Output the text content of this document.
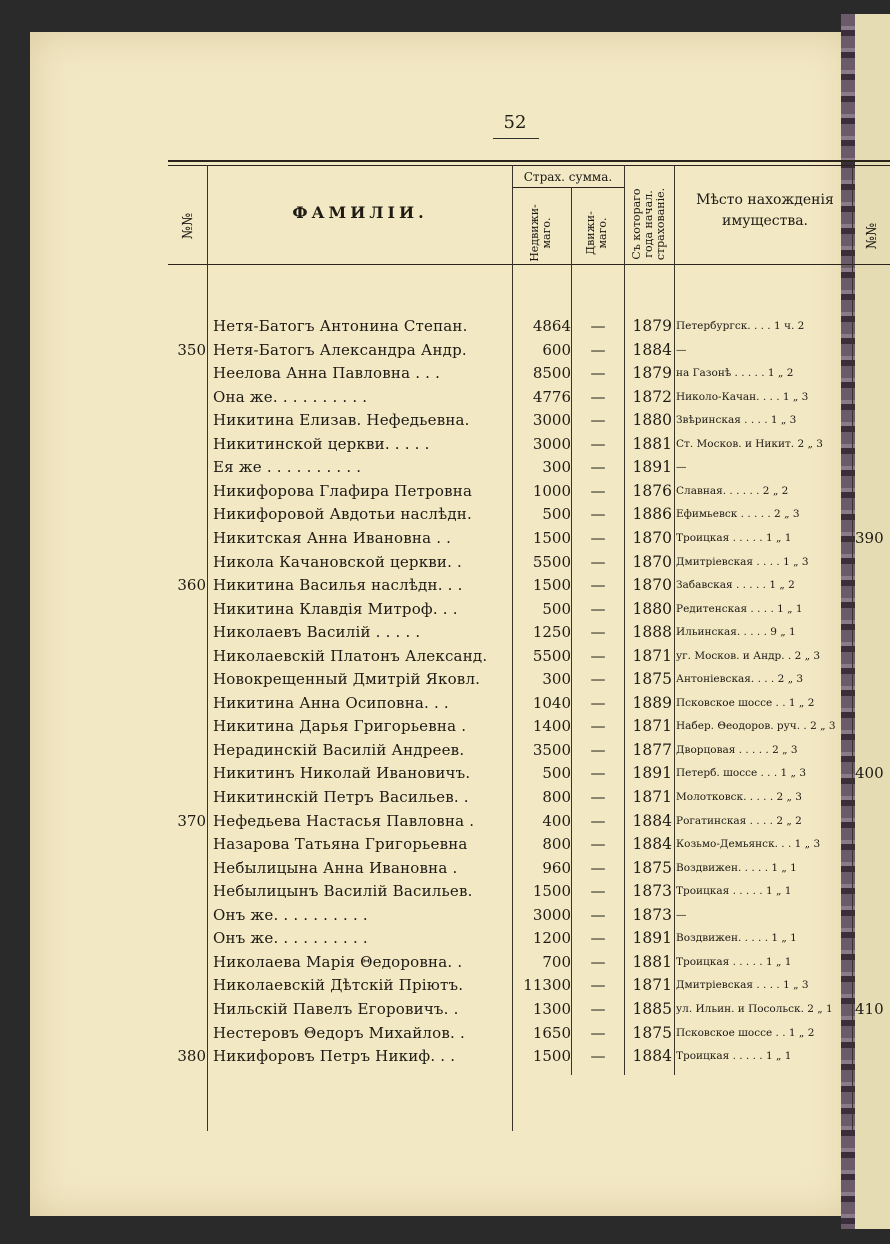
52
№№
ФАМИЛІИ.
Страх. сумма.
Недвижи-маго.	Движи-маго. Съ котораго года начал. страхованіе.	Мѣсто нахожденія имущества.
№№
Нетя-Батогъ Антонина Степан.	4864	—	1879 Петербургск. . . . 1 ч. 2
350 Нетя-Батогъ Александра Андр.	600	—	1884 —
Неелова Анна Павловна . . .	8500	—	1879 на Газонѣ . . . . . 1 „ 2
Она же. . . . . . . . . .	4776	—	1872 Николо-Качан. . . . 1 „ 3
Никитина Елизав. Нефедьевна.	3000	—	1880 Звѣринская . . . . 1 „ 3
Никитинской церкви. . . . .	3000	—	1881 Ст. Москов. и Никит. 2 „ 3
Ея же . . . . . . . . . .	300	—	1891 —
Никифорова Глафира Петровна	1000	—	1876 Славная. . . . . . 2 „ 2
Никифоровой Авдотьи наслѣдн.	500	—	1886 Ефимьевск . . . . . 2 „ 3
Никитская Анна Ивановна . .	1500	—	1870 Троицкая . . . . . 1 „ 1	390
Никола Качановской церкви. .	5500	—	1870 Дмитріевская . . . . 1 „ 3
360 Никитина Василья наслѣдн. . .	1500	—	1870 Забавская . . . . . 1 „ 2
Никитина Клавдія Митроф. . .	500	—	1880 Редитенская . . . . 1 „ 1
Николаевъ Василій . . . . .	1250	—	1888 Ильинская. . . . . 9 „ 1
Николаевскій Платонъ Александ.	5500	—	1871 уг. Москов. и Андр. . 2 „ 3
Новокрещенный Дмитрій Яковл.	300	—	1875 Антоніевская. . . . 2 „ 3
Никитина Анна Осиповна. . .	1040	—	1889 Псковское шоссе . . 1 „ 2
Никитина Дарья Григорьевна .	1400	—	1871 Набер. Θеодоров. руч. . 2 „ 3
Нерадинскій Василій Андреев.	3500	—	1877 Дворцовая . . . . . 2 „ 3
Никитинъ Николай Ивановичъ.	500	—	1891 Петерб. шоссе . . . 1 „ 3	400
Никитинскій Петръ Васильев. .	800	—	1871 Молотковск. . . . . 2 „ 3
370 Нефедьева Настасья Павловна .	400	—	1884 Рогатинская . . . . 2 „ 2
Назарова Татьяна Григорьевна	800	—	1884 Козьмо-Демьянск. . . 1 „ 3
Небылицына Анна Ивановна .	960	—	1875 Воздвижен. . . . . 1 „ 1
Небылицынъ Василій Васильев.	1500	—	1873 Троицкая . . . . . 1 „ 1
Онъ же. . . . . . . . . .	3000	—	1873 —
Онъ же. . . . . . . . . .	1200	—	1891 Воздвижен. . . . . 1 „ 1
Николаева Марія Θедоровна. .	700	—	1881 Троицкая . . . . . 1 „ 1
Николаевскій Дѣтскій Пріютъ.	11300	—	1871 Дмитріевская . . . . 1 „ 3
Нильскій Павелъ Егоровичъ. .	1300	—	1885 ул. Ильин. и Посольск. 2 „ 1	410
Нестеровъ Θедоръ Михайлов. .	1650	—	1875 Псковское шоссе . . 1 „ 2
380 Никифоровъ Петръ Никиф. . .	1500	—	1884 Троицкая . . . . . 1 „ 1
